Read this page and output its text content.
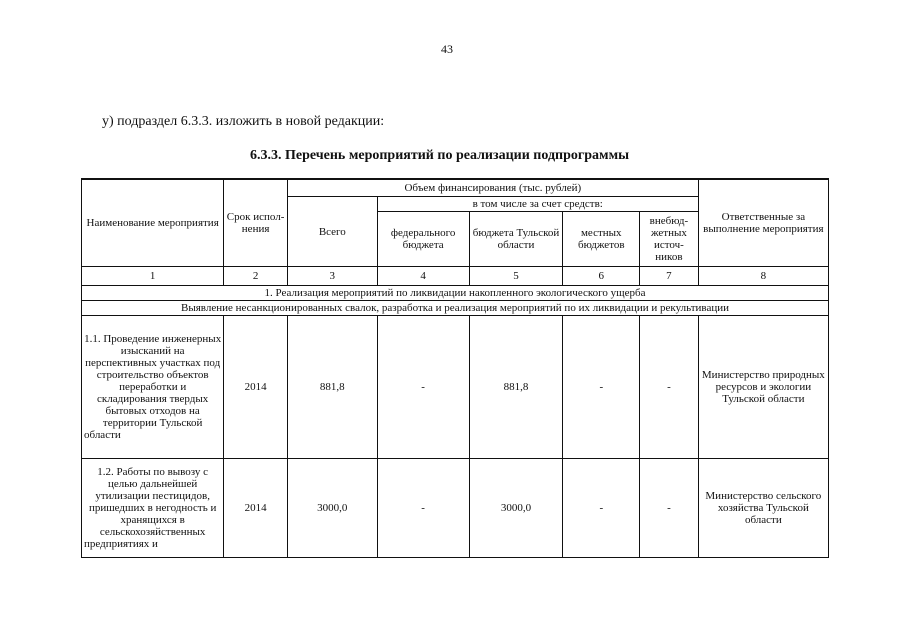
43
у) подраздел 6.3.3. изложить в новой редакции:
6.3.3. Перечень мероприятий по реализации подпрограммы
Наименование мероприятия	Срок испол-нения	Объем финансирования (тыс. рублей)					Ответственные за выполнение мероприятия
		Всего	в том числе за счет средств:				
			федерального бюджета	бюджета Тульской области	местных бюджетов	внебюд-жетных источ-ников	
1	2	3	4	5	6	7	8
1. Реализация мероприятий по ликвидации накопленного экологического ущерба							
Выявление несанкционированных свалок, разработка и реализация мероприятий по их ликвидации и рекультивации							
1.1. Проведение инженерных изысканий на перспективных участках под строительство объектов переработки и складирования твердых бытовых отходов на территории Тульской области	2014	881,8	-	881,8	-	-	Министерство природных ресурсов и экологии Тульской области
1.2. Работы по вывозу с целью дальнейшей утилизации пестицидов, пришедших в негодность и хранящихся в сельскохозяйственных предприятиях и	2014	3000,0	-	3000,0	-	-	Министерство сельского хозяйства Тульской области
